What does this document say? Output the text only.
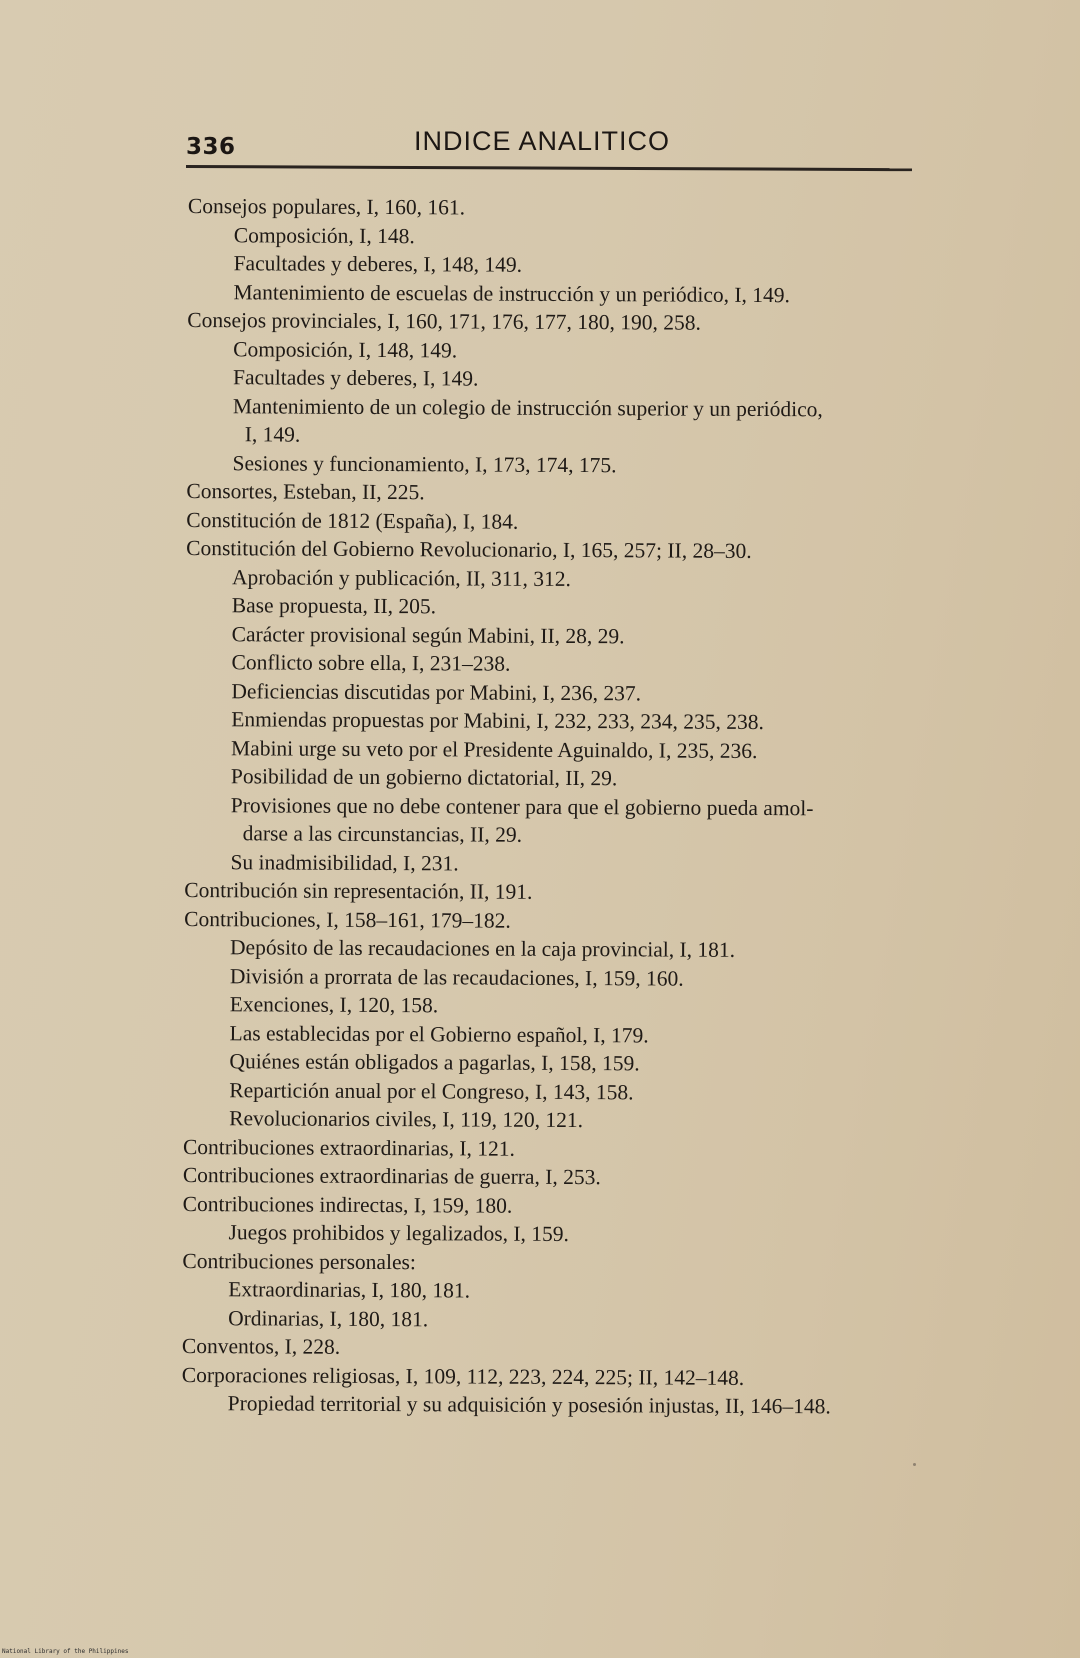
336	INDICE ANALITICO
Consejos populares, I, 160, 161.
Composición, I, 148.
Facultades y deberes, I, 148, 149.
Mantenimiento de escuelas de instrucción y un periódico, I, 149.
Consejos provinciales, I, 160, 171, 176, 177, 180, 190, 258.
Composición, I, 148, 149.
Facultades y deberes, I, 149.
Mantenimiento de un colegio de instrucción superior y un periódico,
I, 149.
Sesiones y funcionamiento, I, 173, 174, 175.
Consortes, Esteban, II, 225.
Constitución de 1812 (España), I, 184.
Constitución del Gobierno Revolucionario, I, 165, 257; II, 28–30.
Aprobación y publicación, II, 311, 312.
Base propuesta, II, 205.
Carácter provisional según Mabini, II, 28, 29.
Conflicto sobre ella, I, 231–238.
Deficiencias discutidas por Mabini, I, 236, 237.
Enmiendas propuestas por Mabini, I, 232, 233, 234, 235, 238.
Mabini urge su veto por el Presidente Aguinaldo, I, 235, 236.
Posibilidad de un gobierno dictatorial, II, 29.
Provisiones que no debe contener para que el gobierno pueda amol-
darse a las circunstancias, II, 29.
Su inadmisibilidad, I, 231.
Contribución sin representación, II, 191.
Contribuciones, I, 158–161, 179–182.
Depósito de las recaudaciones en la caja provincial, I, 181.
División a prorrata de las recaudaciones, I, 159, 160.
Exenciones, I, 120, 158.
Las establecidas por el Gobierno español, I, 179.
Quiénes están obligados a pagarlas, I, 158, 159.
Repartición anual por el Congreso, I, 143, 158.
Revolucionarios civiles, I, 119, 120, 121.
Contribuciones extraordinarias, I, 121.
Contribuciones extraordinarias de guerra, I, 253.
Contribuciones indirectas, I, 159, 180.
Juegos prohibidos y legalizados, I, 159.
Contribuciones personales:
Extraordinarias, I, 180, 181.
Ordinarias, I, 180, 181.
Conventos, I, 228.
Corporaciones religiosas, I, 109, 112, 223, 224, 225; II, 142–148.
Propiedad territorial y su adquisición y posesión injustas, II, 146–148.
National Library of the Philippines
